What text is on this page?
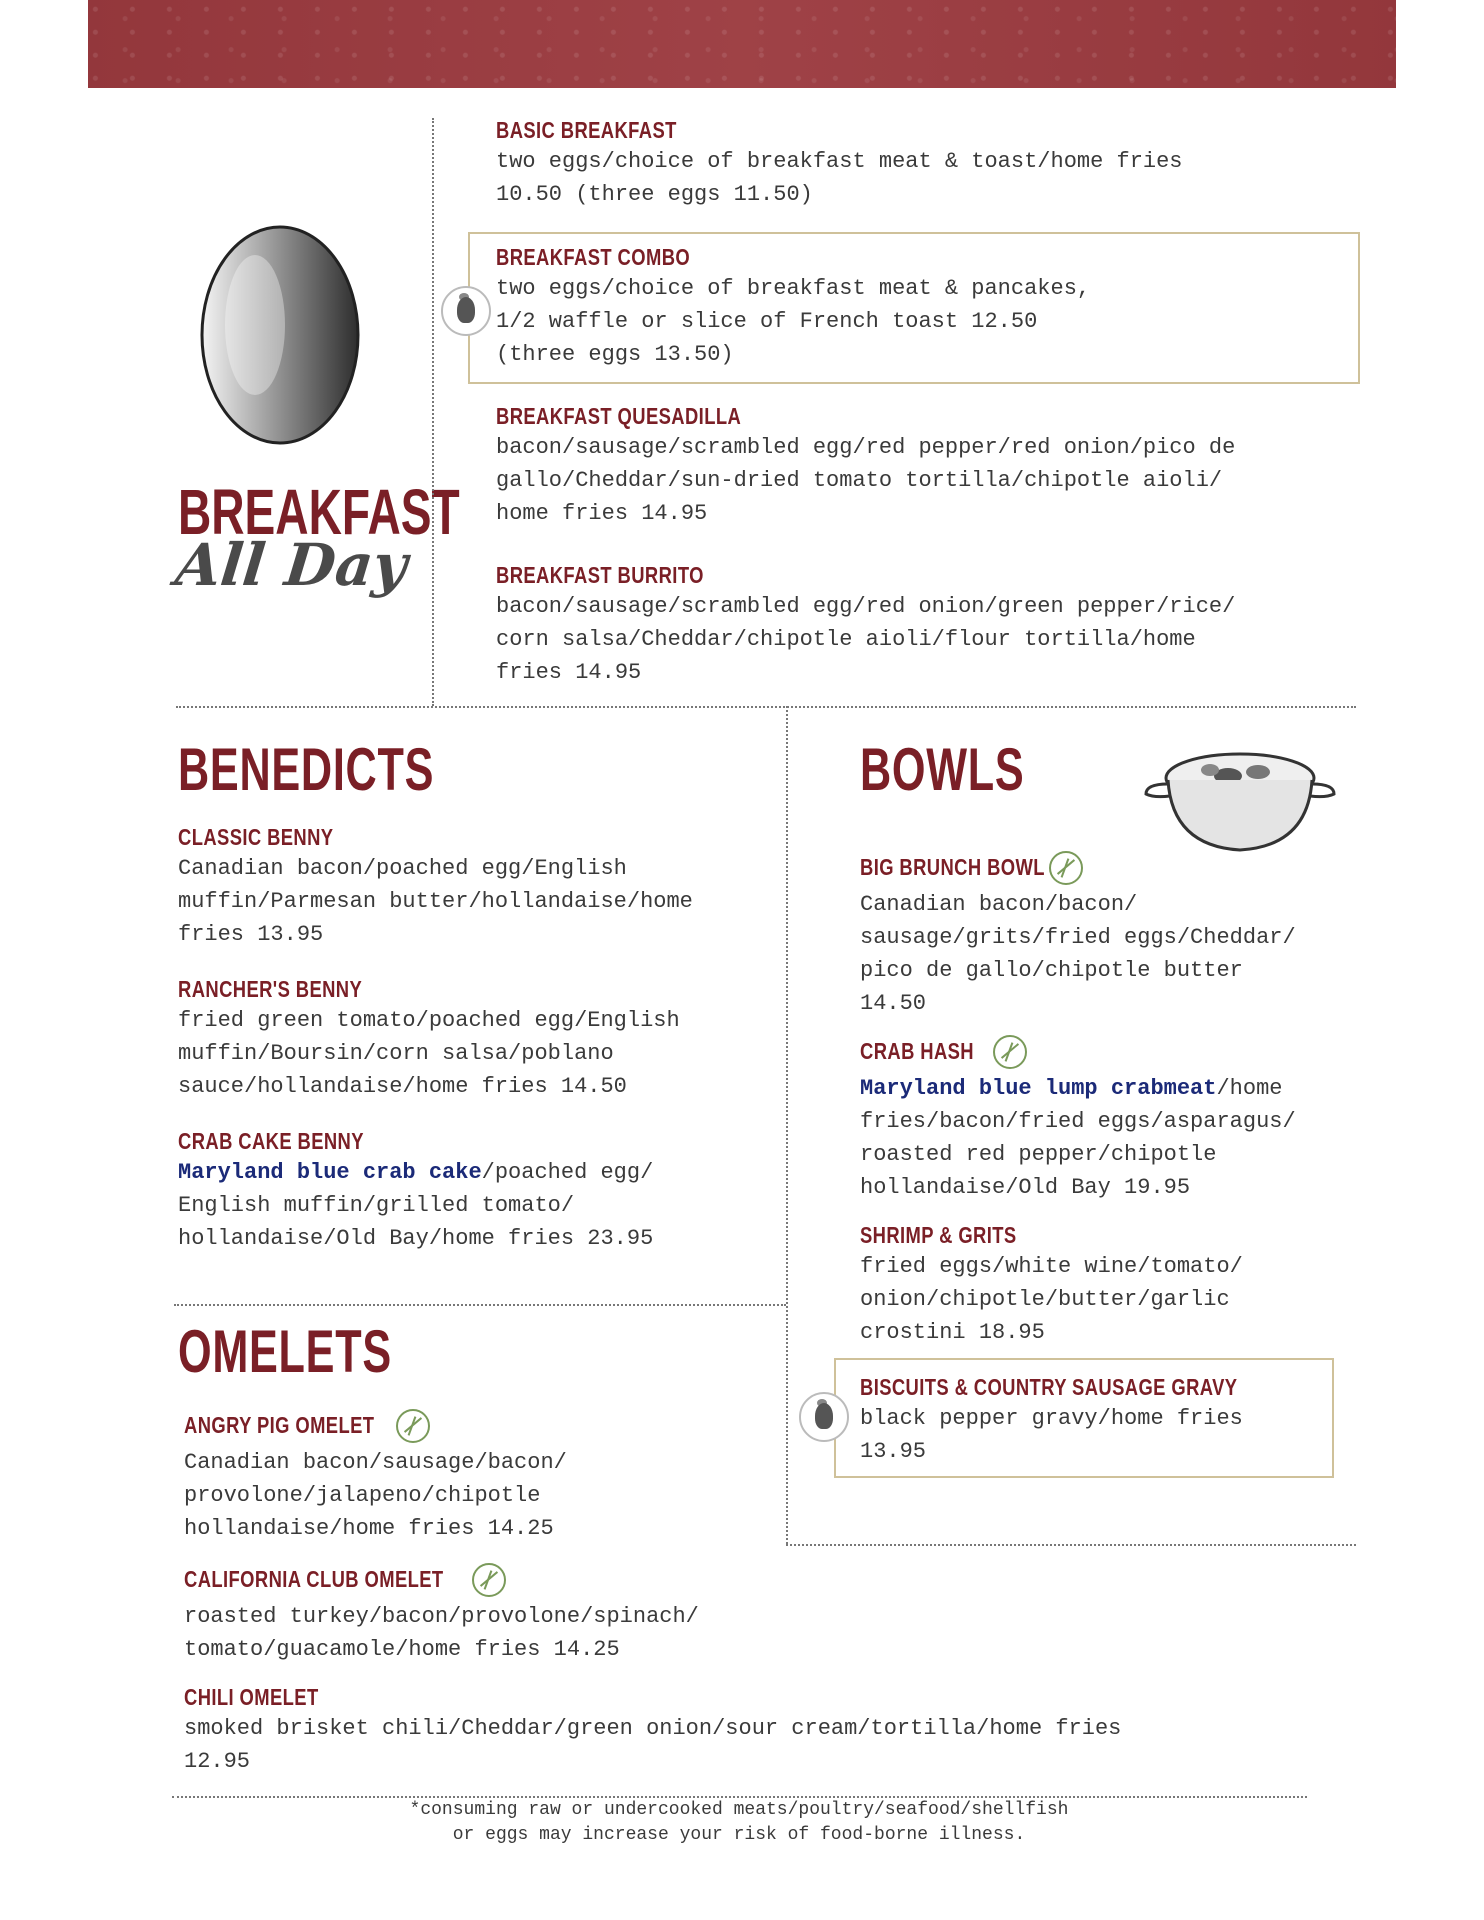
BREAKFAST
All Day
BASIC BREAKFAST

two eggs/choice of breakfast meat & toast/home fries
10.50 (three eggs 11.50)

BREAKFAST COMBO

two eggs/choice of breakfast meat & pancakes,
1/2 waffle or slice of French toast 12.50
(three eggs 13.50)

BREAKFAST QUESADILLA

bacon/sausage/scrambled egg/red pepper/red onion/pico de
gallo/Cheddar/sun-dried tomato tortilla/chipotle aioli/
home fries 14.95

BREAKFAST BURRITO

bacon/sausage/scrambled egg/red onion/green pepper/rice/
corn salsa/Cheddar/chipotle aioli/flour tortilla/home
fries 14.95

BENEDICTS
CLASSIC BENNY

Canadian bacon/poached egg/English
muffin/Parmesan butter/hollandaise/home
fries 13.95

RANCHER'S BENNY

fried green tomato/poached egg/English
muffin/Boursin/corn salsa/poblano
sauce/hollandaise/home fries 14.50

CRAB CAKE BENNY

Maryland blue crab cake/poached egg/
English muffin/grilled tomato/
hollandaise/Old Bay/home fries 23.95

BOWLS
BIG BRUNCH BOWL

Canadian bacon/bacon/
sausage/grits/fried eggs/Cheddar/
pico de gallo/chipotle butter
14.50

CRAB HASH

Maryland blue lump crabmeat/home
fries/bacon/fried eggs/asparagus/
roasted red pepper/chipotle
hollandaise/Old Bay 19.95

SHRIMP & GRITS

fried eggs/white wine/tomato/
onion/chipotle/butter/garlic
crostini 18.95

BISCUITS & COUNTRY SAUSAGE GRAVY

black pepper gravy/home fries
13.95

OMELETS
ANGRY PIG OMELET

Canadian bacon/sausage/bacon/
provolone/jalapeno/chipotle
hollandaise/home fries 14.25

CALIFORNIA CLUB OMELET

roasted turkey/bacon/provolone/spinach/
tomato/guacamole/home fries 14.25

CHILI OMELET

smoked brisket chili/Cheddar/green onion/sour cream/tortilla/home fries
12.95

*consuming raw or undercooked meats/poultry/seafood/shellfish
or eggs may increase your risk of food-borne illness.
